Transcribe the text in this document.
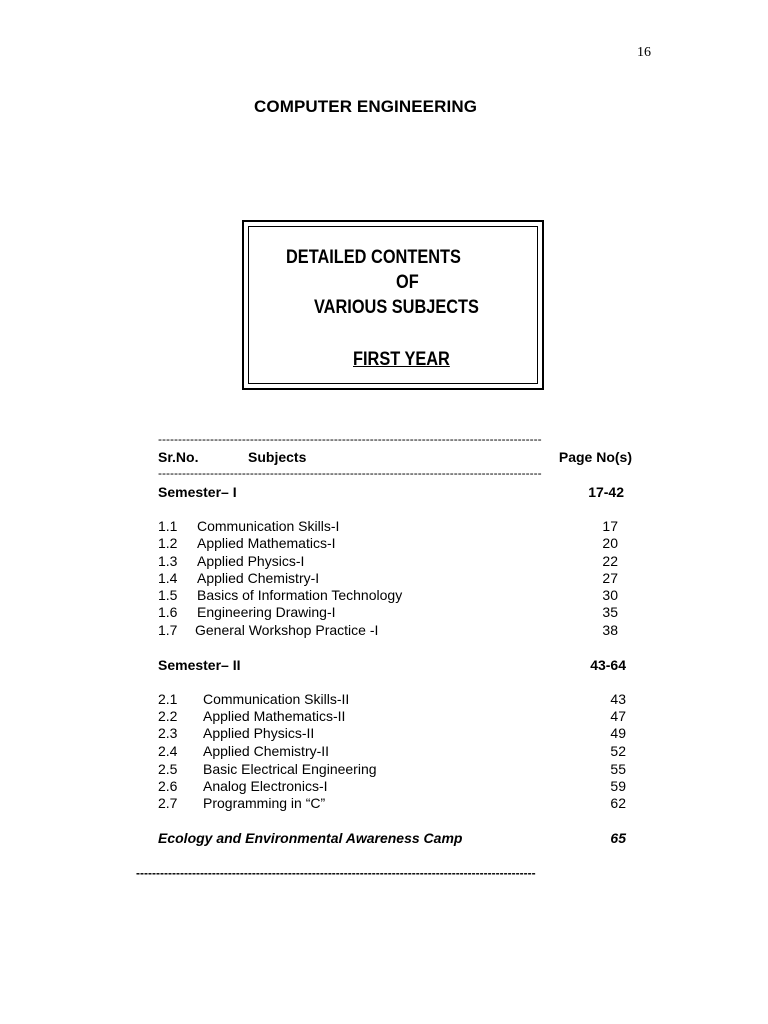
16
COMPUTER ENGINEERING
DETAILED CONTENTS
OF
VARIOUS SUBJECTS
FIRST YEAR
------------------------------------------------------------------------------------------------
Sr.No.	Subjects	Page No(s)
------------------------------------------------------------------------------------------------
Semester– I	17-42
1.1 Communication Skills-I	17
1.2 Applied Mathematics-I	20
1.3 Applied Physics-I	22
1.4 Applied Chemistry-I	27
1.5 Basics of Information Technology	30
1.6 Engineering Drawing-I	35
1.7 General Workshop Practice -I	38
Semester– II	43-64
2.1 Communication Skills-II	43
2.2 Applied Mathematics-II	47
2.3 Applied Physics-II	49
2.4 Applied Chemistry-II	52
2.5 Basic Electrical Engineering	55
2.6 Analog Electronics-I	59
2.7 Programming in “C”	62
Ecology and Environmental Awareness Camp	65
----------------------------------------------------------------------------------------------------
